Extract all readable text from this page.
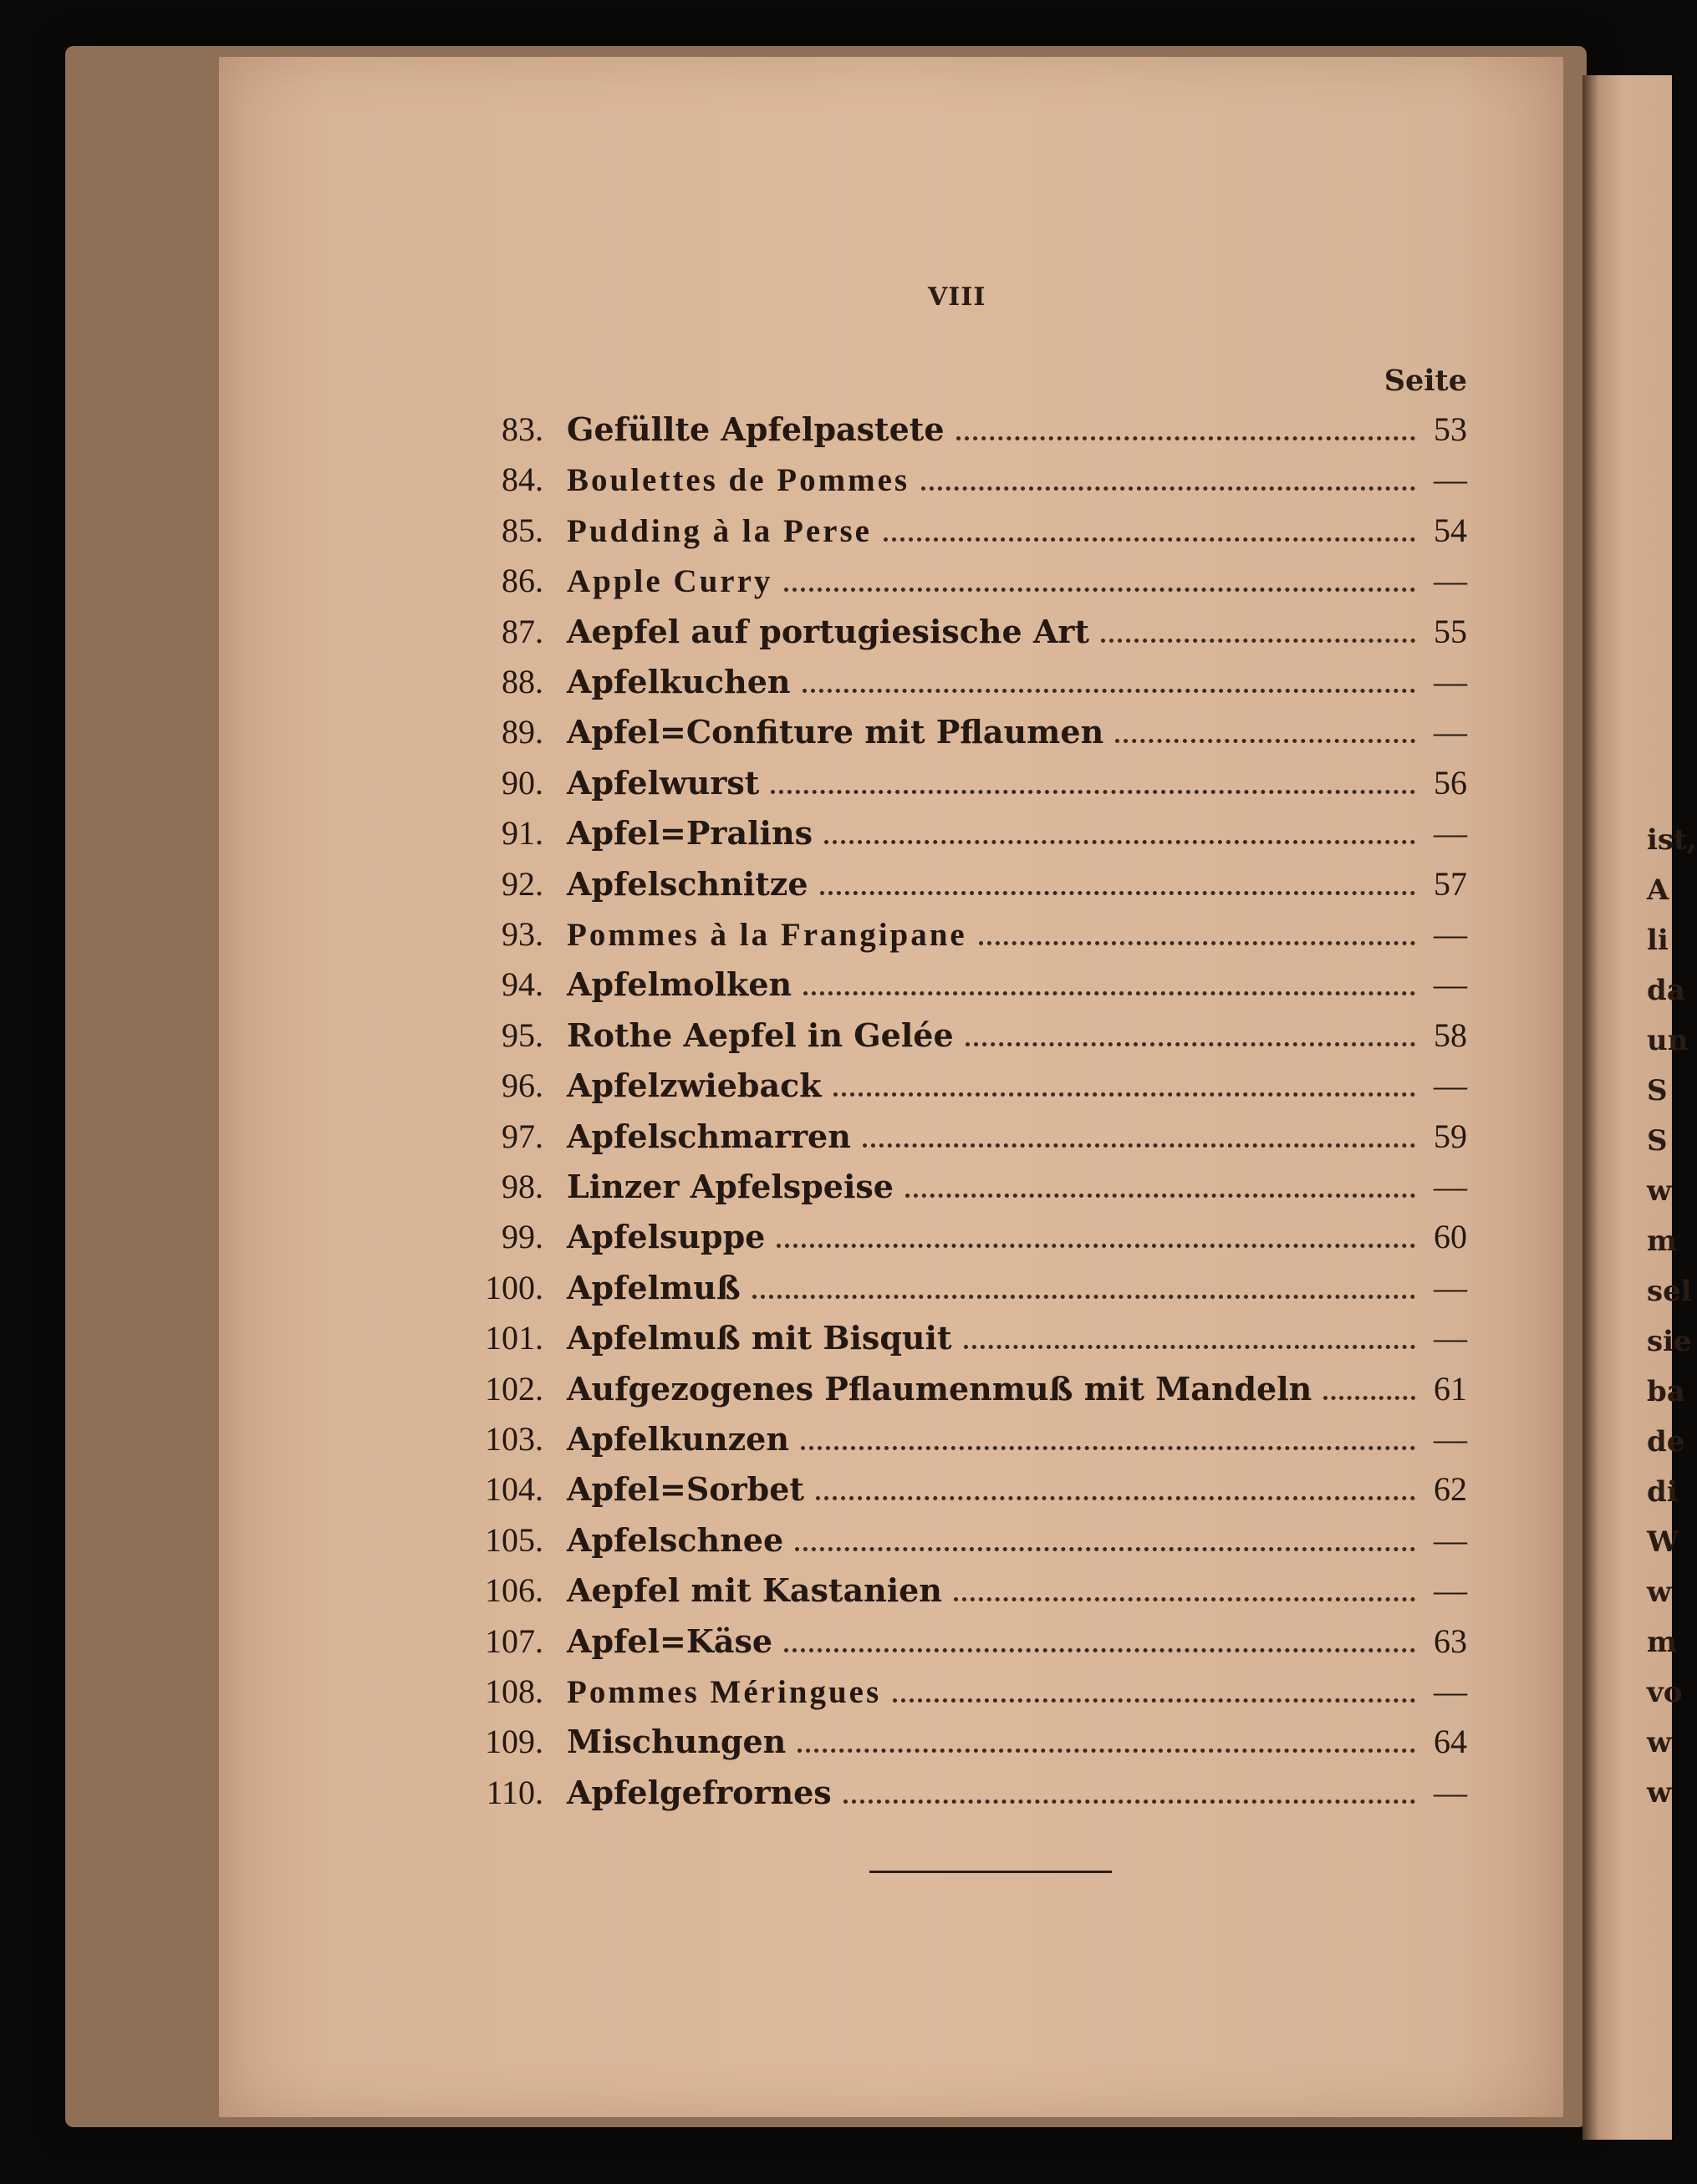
ist,
A
li
da
un
S
S
w
m
sel
sie
ba
de
di
W
w
m
vo
w
w
VIII
Seite
83. Gefüllte Apfelpastete	53
84. Boulettes de Pommes	—
85. Pudding à la Perse	54
86. Apple Curry	—
87. Aepfel auf portugiesische Art	55
88. Apfelkuchen	—
89. Apfel=Confiture mit Pflaumen	—
90. Apfelwurst	56
91. Apfel=Pralins	—
92. Apfelschnitze	57
93. Pommes à la Frangipane	—
94. Apfelmolken	—
95. Rothe Aepfel in Gelée	58
96. Apfelzwieback	—
97. Apfelschmarren	59
98. Linzer Apfelspeise	—
99. Apfelsuppe	60
100. Apfelmuß	—
101. Apfelmuß mit Bisquit	—
102. Aufgezogenes Pflaumenmuß mit Mandeln	61
103. Apfelkunzen	—
104. Apfel=Sorbet	62
105. Apfelschnee	—
106. Aepfel mit Kastanien	—
107. Apfel=Käse	63
108. Pommes Méringues	—
109. Mischungen	64
110. Apfelgefrornes	—
